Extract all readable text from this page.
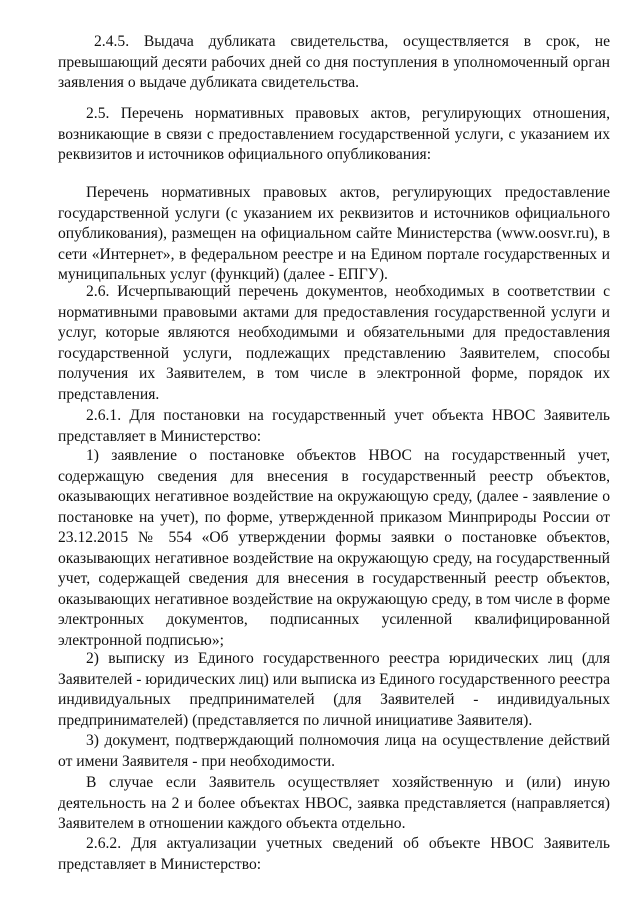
2.4.5. Выдача дубликата свидетельства, осуществляется в срок, не превышающий десяти рабочих дней со дня поступления в уполномоченный орган заявления о выдаче дубликата свидетельства.

2.5. Перечень нормативных правовых актов, регулирующих отношения, возникающие в связи с предоставлением государственной услуги, с указанием их реквизитов и источников официального опубликования:

Перечень нормативных правовых актов, регулирующих предоставление государственной услуги (с указанием их реквизитов и источников официального опубликования), размещен на официальном сайте Министерства (www.oosvr.ru), в сети «Интернет», в федеральном реестре и на Едином портале государственных и муниципальных услуг (функций) (далее - ЕПГУ).

2.6. Исчерпывающий перечень документов, необходимых в соответствии с нормативными правовыми актами для предоставления государственной услуги и услуг, которые являются необходимыми и обязательными для предоставления государственной услуги, подлежащих представлению Заявителем, способы получения их Заявителем, в том числе в электронной форме, порядок их представления.

2.6.1. Для постановки на государственный учет объекта НВОС Заявитель представляет в Министерство:

1) заявление о постановке объектов НВОС на государственный учет, содержащую сведения для внесения в государственный реестр объектов, оказывающих негативное воздействие на окружающую среду, (далее - заявление о постановке на учет), по форме, утвержденной приказом Минприроды России от 23.12.2015 № 554 «Об утверждении формы заявки о постановке объектов, оказывающих негативное воздействие на окружающую среду, на государственный учет, содержащей сведения для внесения в государственный реестр объектов, оказывающих негативное воздействие на окружающую среду, в том числе в форме электронных документов, подписанных усиленной квалифицированной электронной подписью»;

2) выписку из Единого государственного реестра юридических лиц (для Заявителей - юридических лиц) или выписка из Единого государственного реестра индивидуальных предпринимателей (для Заявителей - индивидуальных предпринимателей) (представляется по личной инициативе Заявителя).

3) документ, подтверждающий полномочия лица на осуществление действий от имени Заявителя - при необходимости.

В случае если Заявитель осуществляет хозяйственную и (или) иную деятельность на 2 и более объектах НВОС, заявка представляется (направляется) Заявителем в отношении каждого объекта отдельно.

2.6.2. Для актуализации учетных сведений об объекте НВОС Заявитель представляет в Министерство:
